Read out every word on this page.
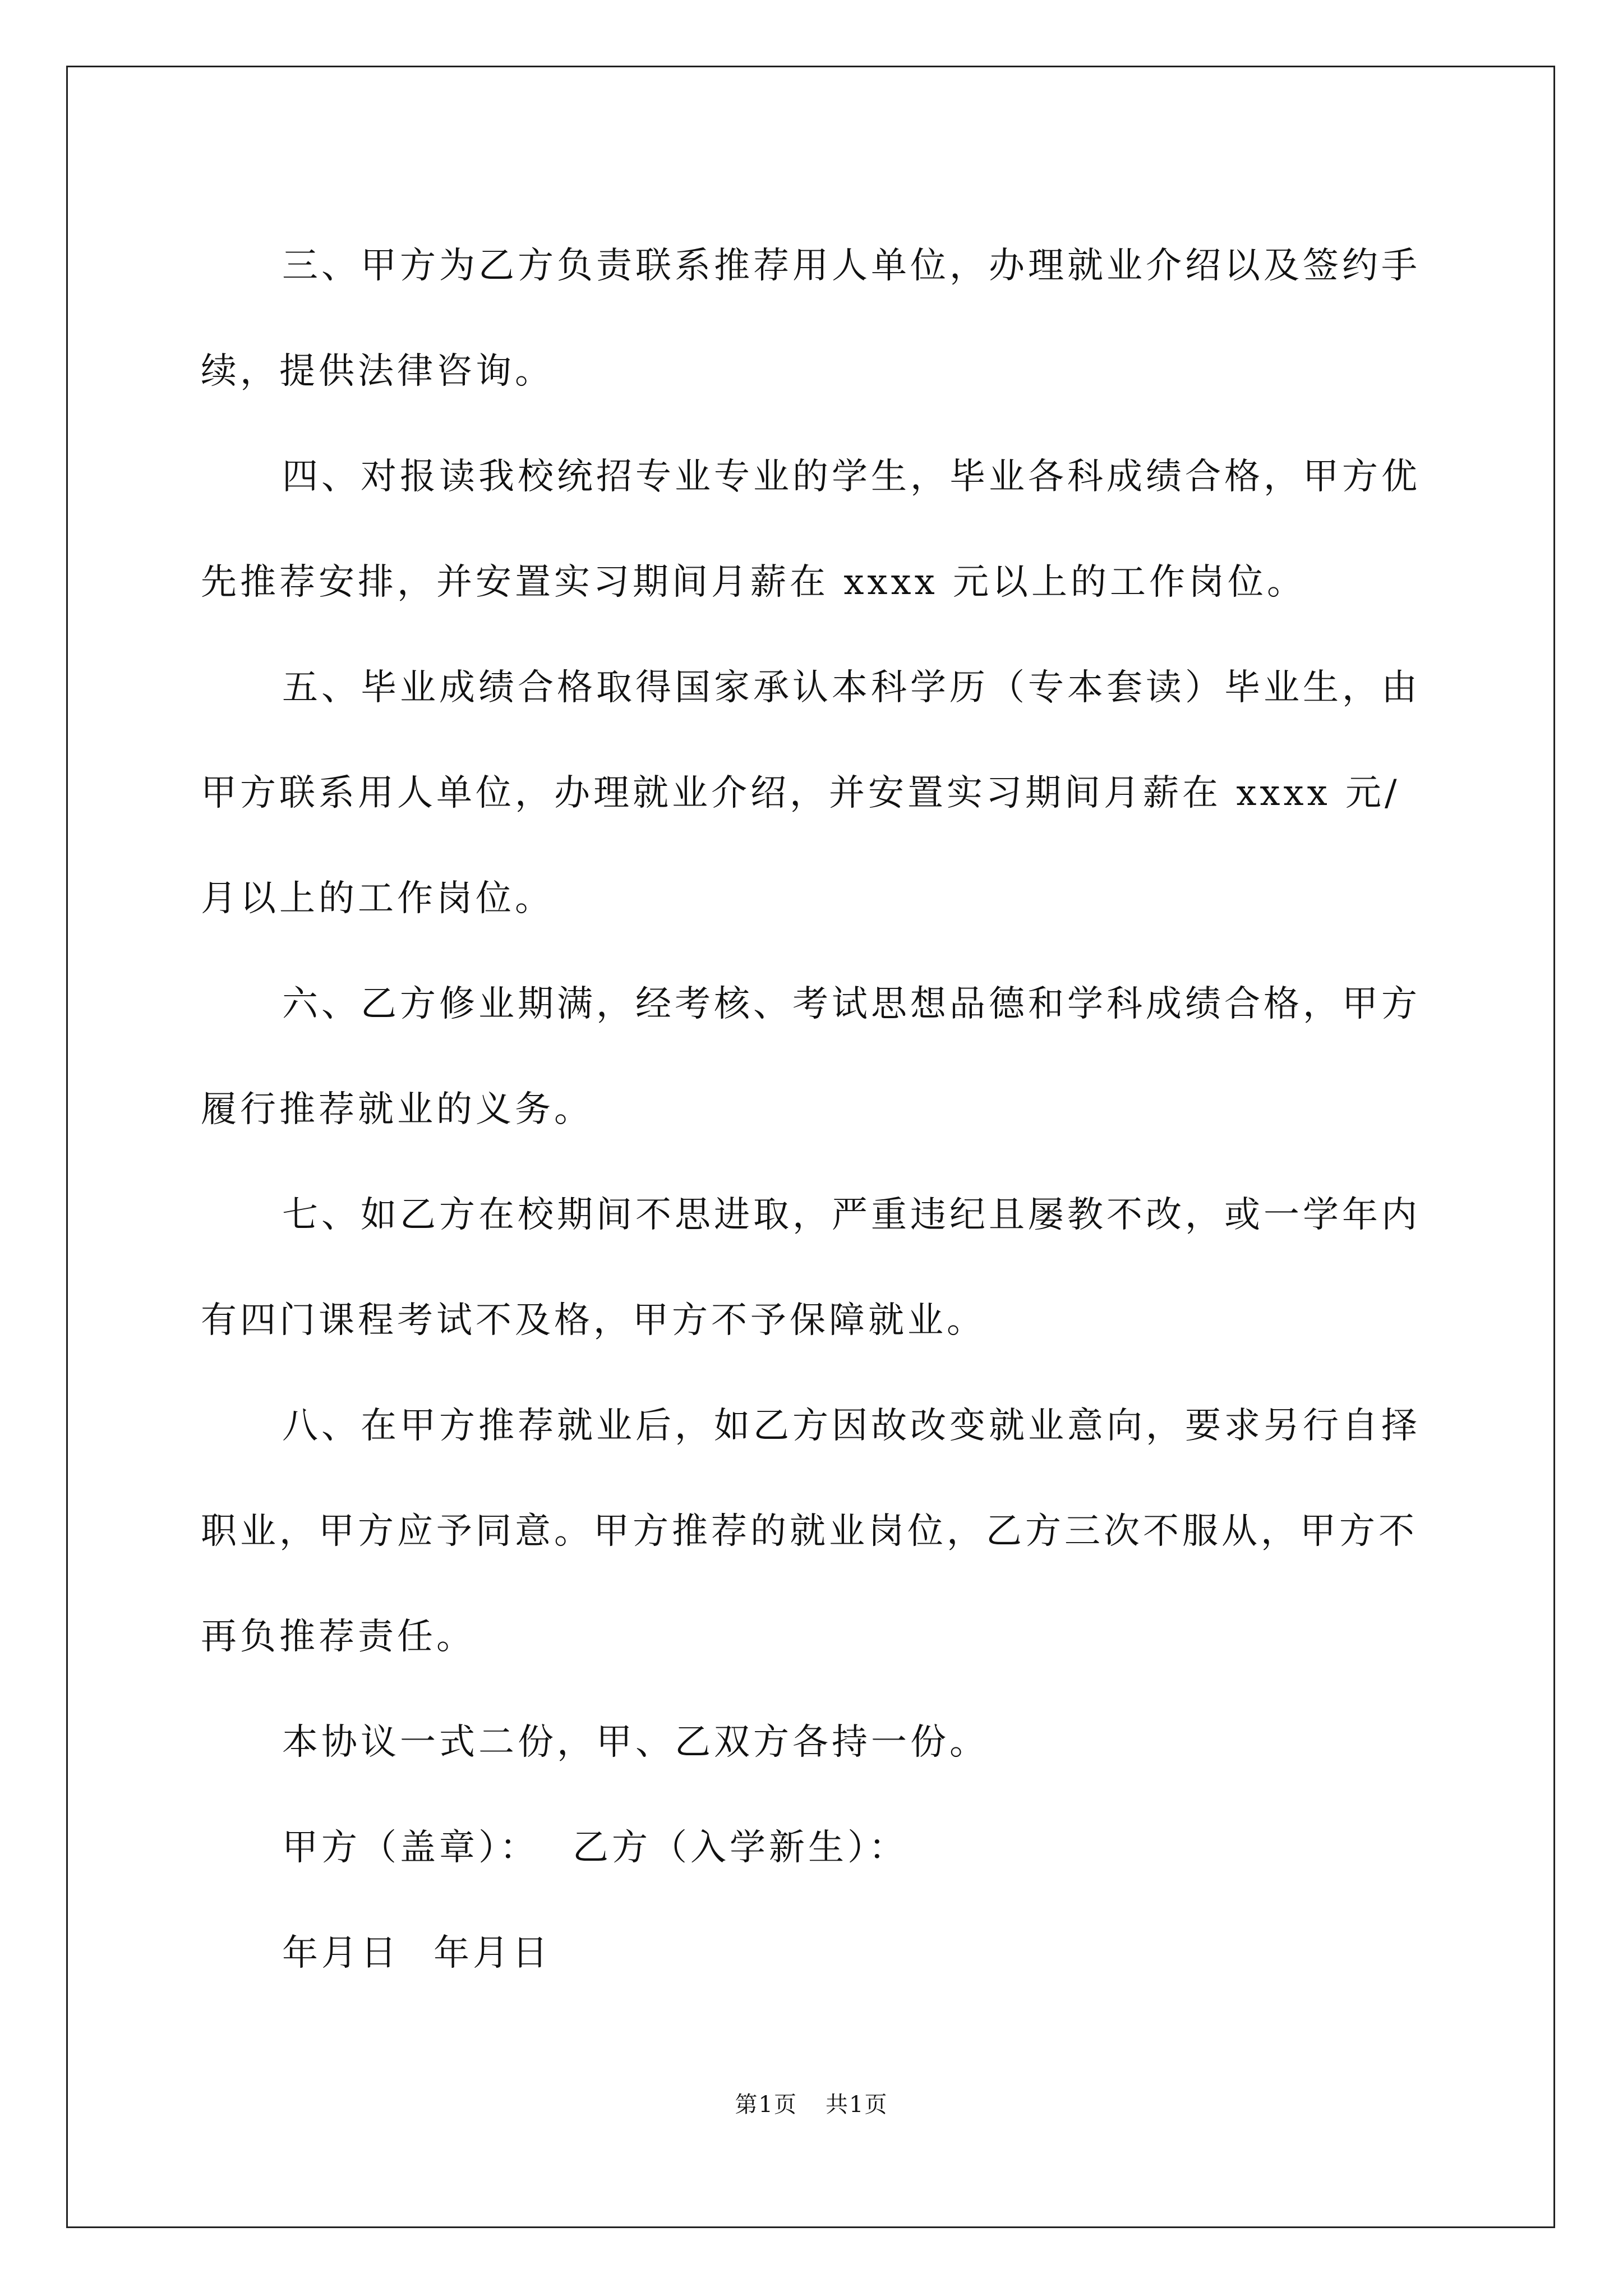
三、甲方为乙方负责联系推荐用人单位，办理就业介绍以及签约手续，提供法律咨询。

四、对报读我校统招专业专业的学生，毕业各科成绩合格，甲方优先推荐安排，并安置实习期间月薪在 xxxx 元以上的工作岗位。

五、毕业成绩合格取得国家承认本科学历（专本套读）毕业生，由甲方联系用人单位，办理就业介绍，并安置实习期间月薪在 xxxx 元/月以上的工作岗位。

六、乙方修业期满，经考核、考试思想品德和学科成绩合格，甲方履行推荐就业的义务。

七、如乙方在校期间不思进取，严重违纪且屡教不改，或一学年内有四门课程考试不及格，甲方不予保障就业。

八、在甲方推荐就业后，如乙方因故改变就业意向，要求另行自择职业，甲方应予同意。甲方推荐的就业岗位，乙方三次不服从，甲方不再负推荐责任。

本协议一式二份，甲、乙双方各持一份。

甲方（盖章）： 乙方（入学新生）：

年月日 年月日

第1页 共1页
